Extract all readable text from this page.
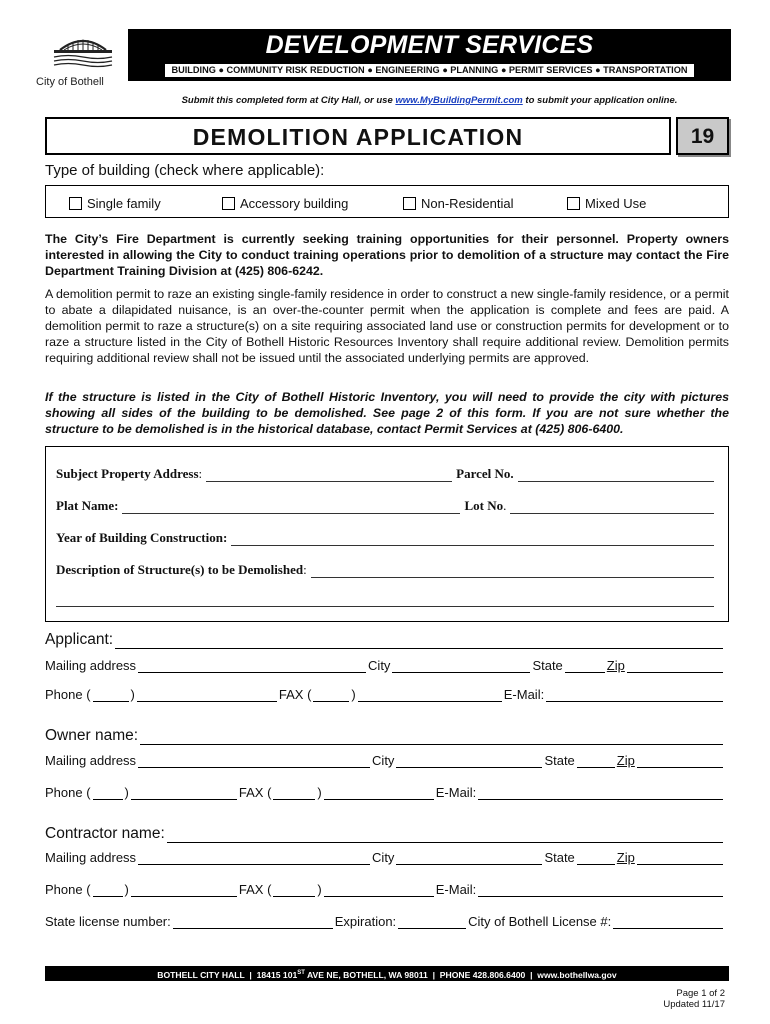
City of Bothell
DEVELOPMENT SERVICES
BUILDING ● COMMUNITY RISK REDUCTION ● ENGINEERING ● PLANNING ● PERMIT SERVICES ● TRANSPORTATION
Submit this completed form at City Hall, or use www.MyBuildingPermit.com to submit your application online.
DEMOLITION APPLICATION	19
Type of building (check where applicable):
Single family	Accessory building	Non-Residential	Mixed Use
The City’s Fire Department is currently seeking training opportunities for their personnel. Property owners interested in allowing the City to conduct training operations prior to demolition of a structure may contact the Fire Department Training Division at (425) 806-6242.
A demolition permit to raze an existing single-family residence in order to construct a new single-family residence, or a permit to abate a dilapidated nuisance, is an over-the-counter permit when the application is complete and fees are paid. A demolition permit to raze a structure(s) on a site requiring associated land use or construction permits for development or to raze a structure listed in the City of Bothell Historic Resources Inventory shall require additional review. Demolition permits requiring additional review shall not be issued until the associated underlying permits are approved.
If the structure is listed in the City of Bothell Historic Inventory, you will need to provide the city with pictures showing all sides of the building to be demolished. See page 2 of this form. If you are not sure whether the structure to be demolished is in the historical database, contact Permit Services at (425) 806-6400.
Subject Property Address :	Parcel No.
Plat Name:	Lot No .
Year of Building Construction:
Description of Structure(s) to be Demolished :
Applicant:
Mailing address	City	State	Zip
Phone (	)	FAX (	)	E-Mail:
Owner name:
Mailing address	City	State	Zip
Phone (	)	FAX (	)	E-Mail:
Contractor name:
Mailing address	City	State	Zip
Phone (	)	FAX (	)	E-Mail:
State license number:	Expiration:	City of Bothell License #:
BOTHELL CITY HALL  |  18415 101ST AVE NE, BOTHELL, WA 98011  |  PHONE 428.806.6400  |  www.bothellwa.gov
Page 1 of 2
Updated 11/17
